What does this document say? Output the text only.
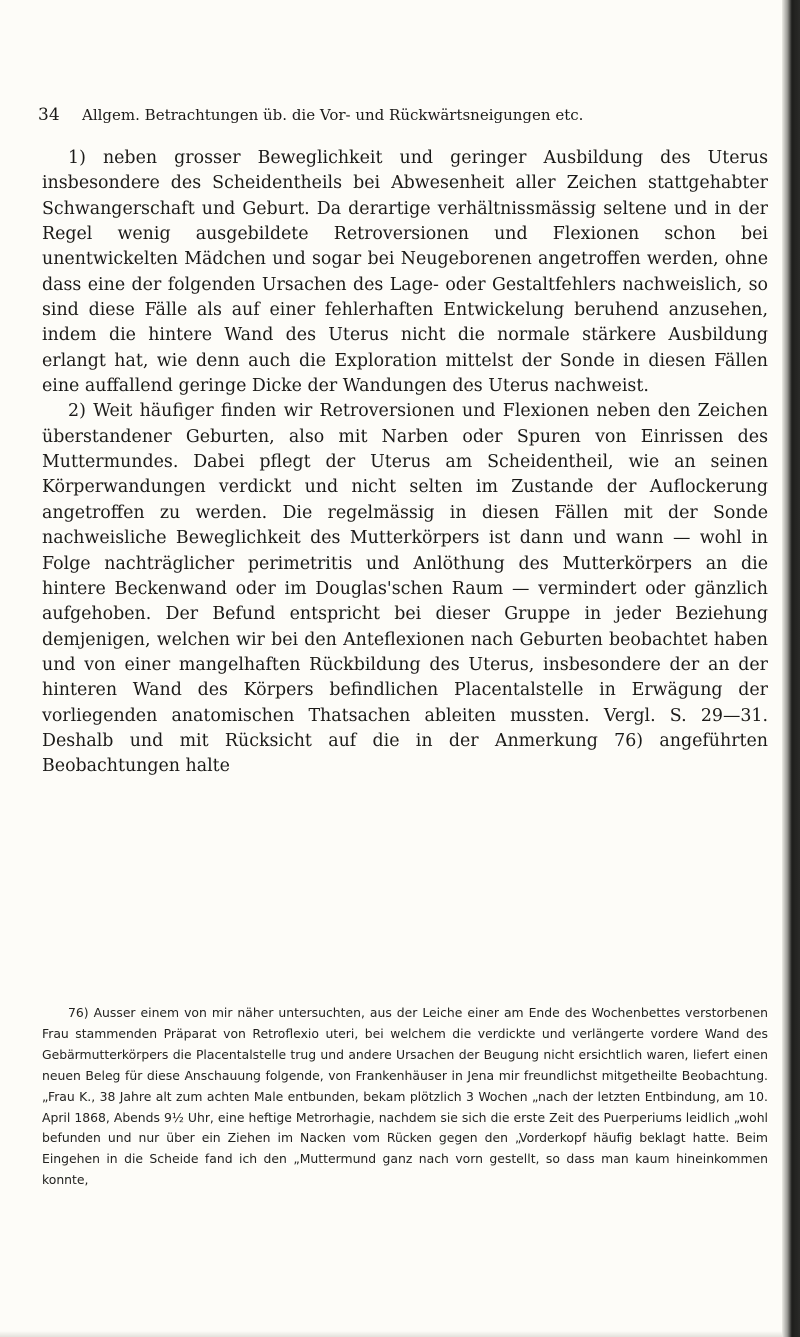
34 Allgem. Betrachtungen üb. die Vor- und Rückwärtsneigungen etc.

1) neben grosser Beweglichkeit und geringer Ausbildung des Uterus insbesondere des Scheidentheils bei Abwesenheit aller Zeichen stattgehabter Schwangerschaft und Geburt. Da derartige verhältnissmässig seltene und in der Regel wenig ausgebildete Retroversionen und Flexionen schon bei unentwickelten Mädchen und sogar bei Neugeborenen angetroffen werden, ohne dass eine der folgenden Ursachen des Lage- oder Gestaltfehlers nachweislich, so sind diese Fälle als auf einer fehlerhaften Entwickelung beruhend anzusehen, indem die hintere Wand des Uterus nicht die normale stärkere Ausbildung erlangt hat, wie denn auch die Exploration mittelst der Sonde in diesen Fällen eine auffallend geringe Dicke der Wandungen des Uterus nachweist.

2) Weit häufiger finden wir Retroversionen und Flexionen neben den Zeichen überstandener Geburten, also mit Narben oder Spuren von Einrissen des Muttermundes. Dabei pflegt der Uterus am Scheidentheil, wie an seinen Körperwandungen verdickt und nicht selten im Zustande der Auflockerung angetroffen zu werden. Die regelmässig in diesen Fällen mit der Sonde nachweisliche Beweglichkeit des Mutterkörpers ist dann und wann — wohl in Folge nachträglicher perimetritis und Anlöthung des Mutterkörpers an die hintere Beckenwand oder im Douglas'schen Raum — vermindert oder gänzlich aufgehoben. Der Befund entspricht bei dieser Gruppe in jeder Beziehung demjenigen, welchen wir bei den Anteflexionen nach Geburten beobachtet haben und von einer mangelhaften Rückbildung des Uterus, insbesondere der an der hinteren Wand des Körpers befindlichen Placentalstelle in Erwägung der vorliegenden anatomischen Thatsachen ableiten mussten. Vergl. S. 29—31. Deshalb und mit Rücksicht auf die in der Anmerkung 76) angeführten Beobachtungen halte

76) Ausser einem von mir näher untersuchten, aus der Leiche einer am Ende des Wochenbettes verstorbenen Frau stammenden Präparat von Retroflexio uteri, bei welchem die verdickte und verlängerte vordere Wand des Gebärmutterkörpers die Placentalstelle trug und andere Ursachen der Beugung nicht ersichtlich waren, liefert einen neuen Beleg für diese Anschauung folgende, von Frankenhäuser in Jena mir freundlichst mitgetheilte Beobachtung. „Frau K., 38 Jahre alt zum achten Male entbunden, bekam plötzlich 3 Wochen „nach der letzten Entbindung, am 10. April 1868, Abends 9½ Uhr, eine heftige Metrorhagie, nachdem sie sich die erste Zeit des Puerperiums leidlich „wohl befunden und nur über ein Ziehen im Nacken vom Rücken gegen den „Vorderkopf häufig beklagt hatte. Beim Eingehen in die Scheide fand ich den „Muttermund ganz nach vorn gestellt, so dass man kaum hineinkommen konnte,
